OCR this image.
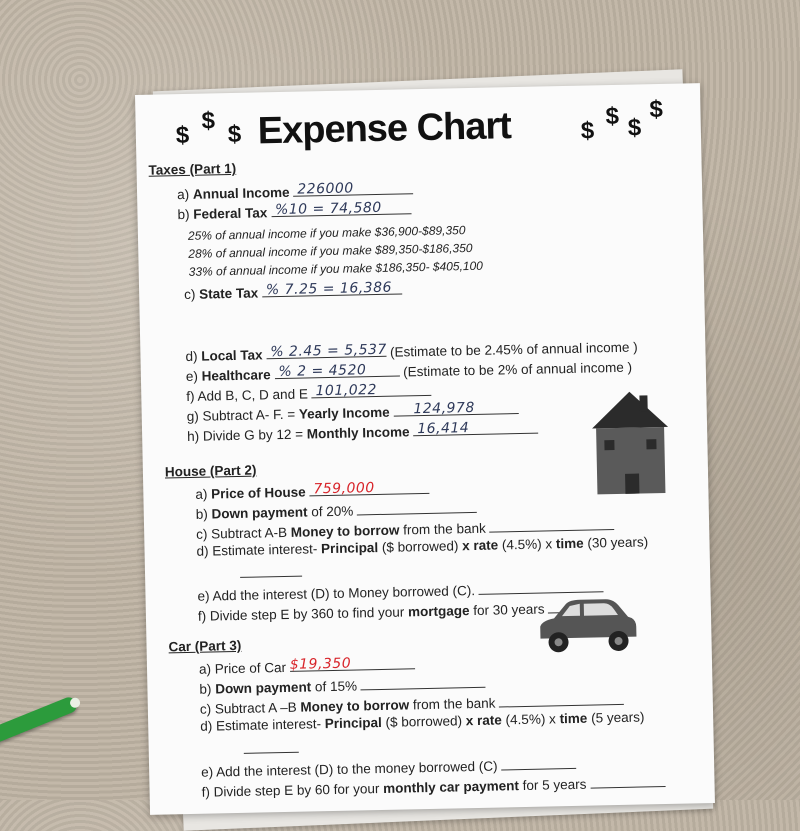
$
$ $ Expense Chart	$
$ $
$
Taxes (Part 1)
a) Annual Income 226000
b) Federal Tax %10 = 74,580
25% of annual income if you make $36,900-$89,350
28% of annual income if you make $89,350-$186,350
33% of annual income if you make $186,350- $405,100
c) State Tax % 7.25 = 16,386
d) Local Tax % 2.45 = 5,537 (Estimate to be 2.45% of annual income )
e) Healthcare % 2 = 4520	(Estimate to be 2% of annual income )
f) Add B, C, D and E 101,022
g) Subtract A- F. = Yearly Income 124,978
h) Divide G by 12 = Monthly Income 16,414
House (Part 2)
a) Price of House 759,000
b) Down payment of 20%
c) Subtract A-B Money to borrow from the bank
d) Estimate interest- Principal ($ borrowed) x rate (4.5%) x time (30 years)
e) Add the interest (D) to Money borrowed (C).
f) Divide step E by 360 to find your mortgage for 30 years
Car (Part 3)
a) Price of Car $19,350
b) Down payment of 15%
c) Subtract A –B Money to borrow from the bank
d) Estimate interest- Principal ($ borrowed) x rate (4.5%) x time (5 years)
e) Add the interest (D) to the money borrowed (C)
f) Divide step E by 60 for your monthly car payment for 5 years
